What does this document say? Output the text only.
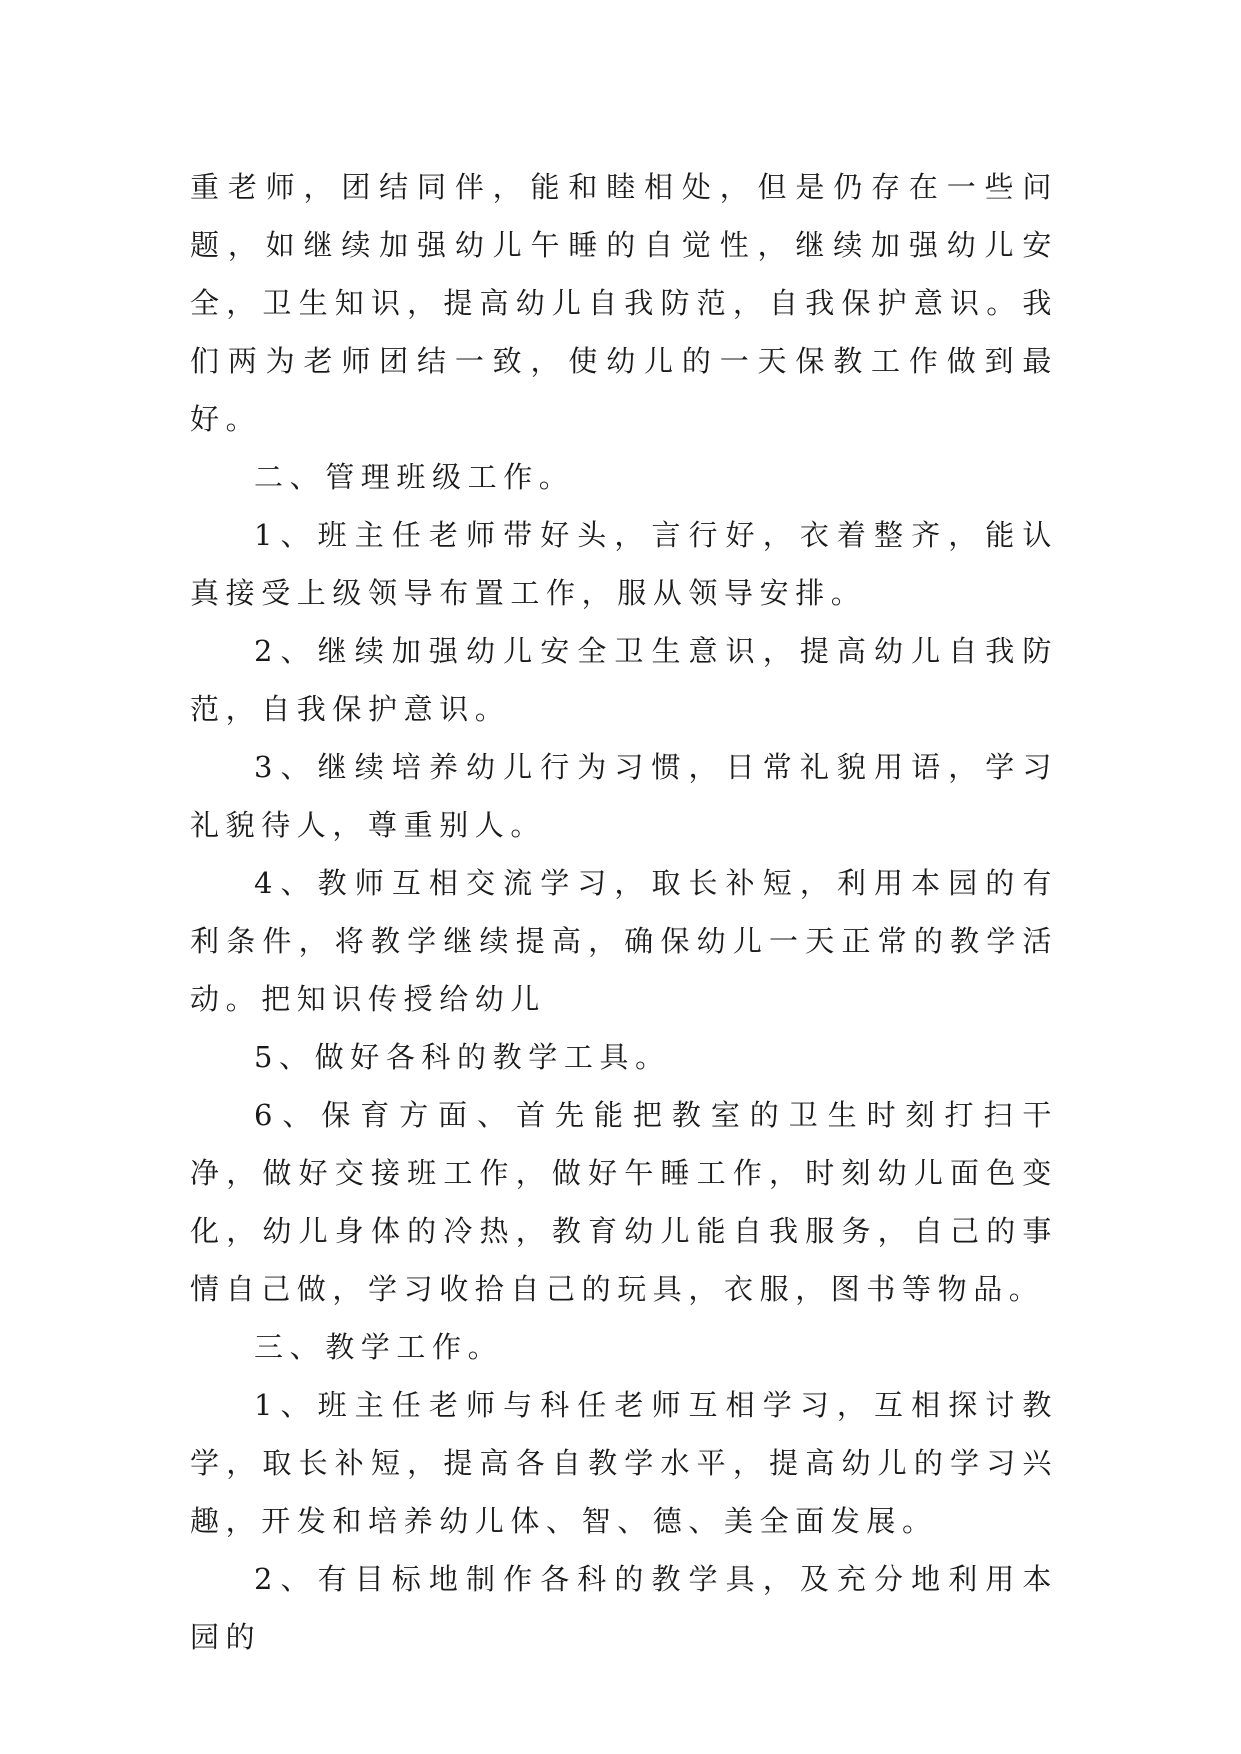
重老师，团结同伴，能和睦相处，但是仍存在一些问题，如继续加强幼儿午睡的自觉性，继续加强幼儿安全，卫生知识，提高幼儿自我防范，自我保护意识。我们两为老师团结一致，使幼儿的一天保教工作做到最好。

二、管理班级工作。

1、班主任老师带好头，言行好，衣着整齐，能认真接受上级领导布置工作，服从领导安排。

2、继续加强幼儿安全卫生意识，提高幼儿自我防范，自我保护意识。

3、继续培养幼儿行为习惯，日常礼貌用语，学习礼貌待人，尊重别人。

4、教师互相交流学习，取长补短，利用本园的有利条件，将教学继续提高，确保幼儿一天正常的教学活动。把知识传授给幼儿

5、做好各科的教学工具。

6、保育方面、首先能把教室的卫生时刻打扫干净，做好交接班工作，做好午睡工作，时刻幼儿面色变化，幼儿身体的冷热，教育幼儿能自我服务，自己的事情自己做，学习收拾自己的玩具，衣服，图书等物品。

三、教学工作。

1、班主任老师与科任老师互相学习，互相探讨教学，取长补短，提高各自教学水平，提高幼儿的学习兴趣，开发和培养幼儿体、智、德、美全面发展。

2、有目标地制作各科的教学具，及充分地利用本园的
